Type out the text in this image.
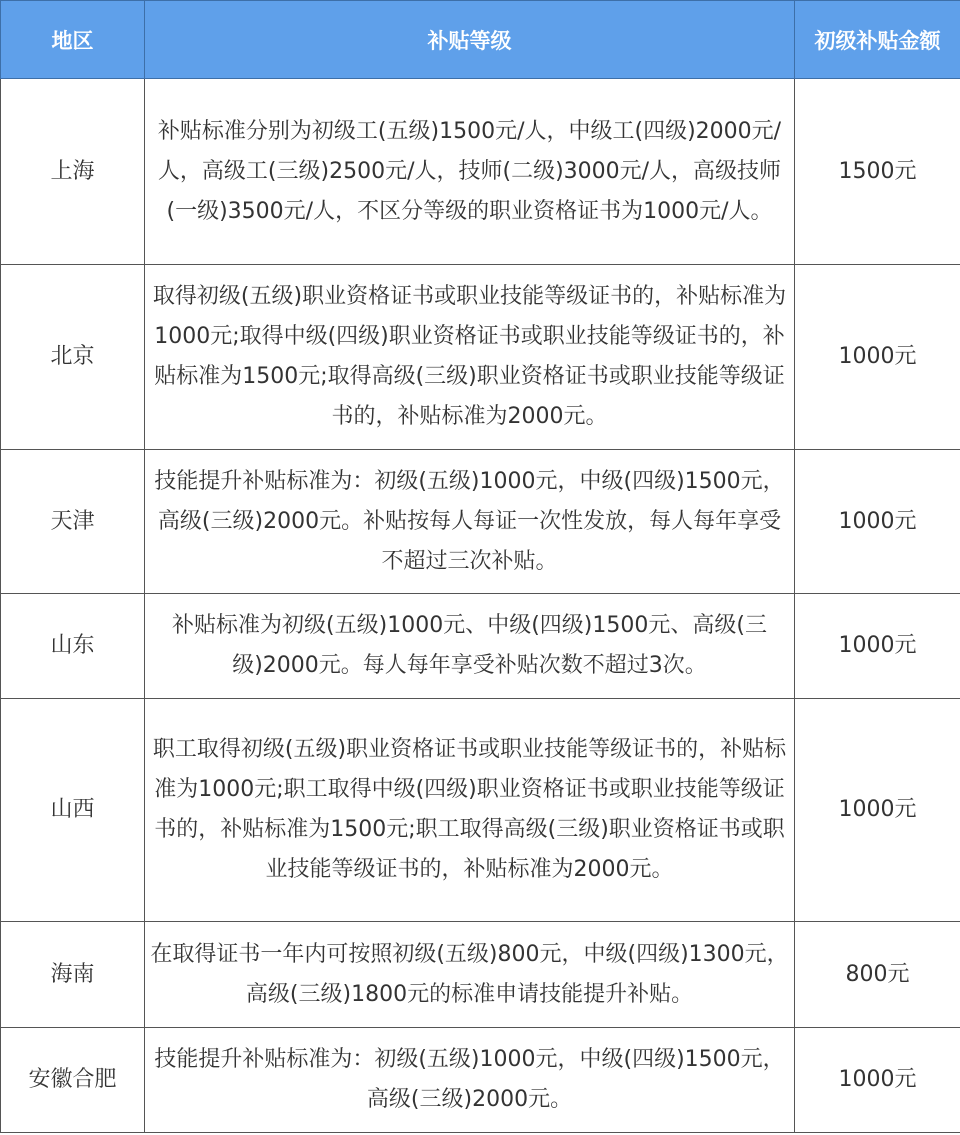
地区	补贴等级	初级补贴金额
上海	补贴标准分别为初级工(五级)1500元/人，中级工(四级)2000元/人，高级工(三级)2500元/人，技师(二级)3000元/人，高级技师(一级)3500元/人，不区分等级的职业资格证书为1000元/人。	1500元
北京	取得初级(五级)职业资格证书或职业技能等级证书的，补贴标准为1000元;取得中级(四级)职业资格证书或职业技能等级证书的，补贴标准为1500元;取得高级(三级)职业资格证书或职业技能等级证书的，补贴标准为2000元。	1000元
天津	技能提升补贴标准为：初级(五级)1000元，中级(四级)1500元，高级(三级)2000元。补贴按每人每证一次性发放，每人每年享受不超过三次补贴。	1000元
山东	补贴标准为初级(五级)1000元、中级(四级)1500元、高级(三级)2000元。每人每年享受补贴次数不超过3次。	1000元
山西	职工取得初级(五级)职业资格证书或职业技能等级证书的，补贴标准为1000元;职工取得中级(四级)职业资格证书或职业技能等级证书的，补贴标准为1500元;职工取得高级(三级)职业资格证书或职业技能等级证书的，补贴标准为2000元。	1000元
海南	在取得证书一年内可按照初级(五级)800元，中级(四级)1300元，高级(三级)1800元的标准申请技能提升补贴。	800元
安徽合肥	技能提升补贴标准为：初级(五级)1000元，中级(四级)1500元，高级(三级)2000元。	1000元
